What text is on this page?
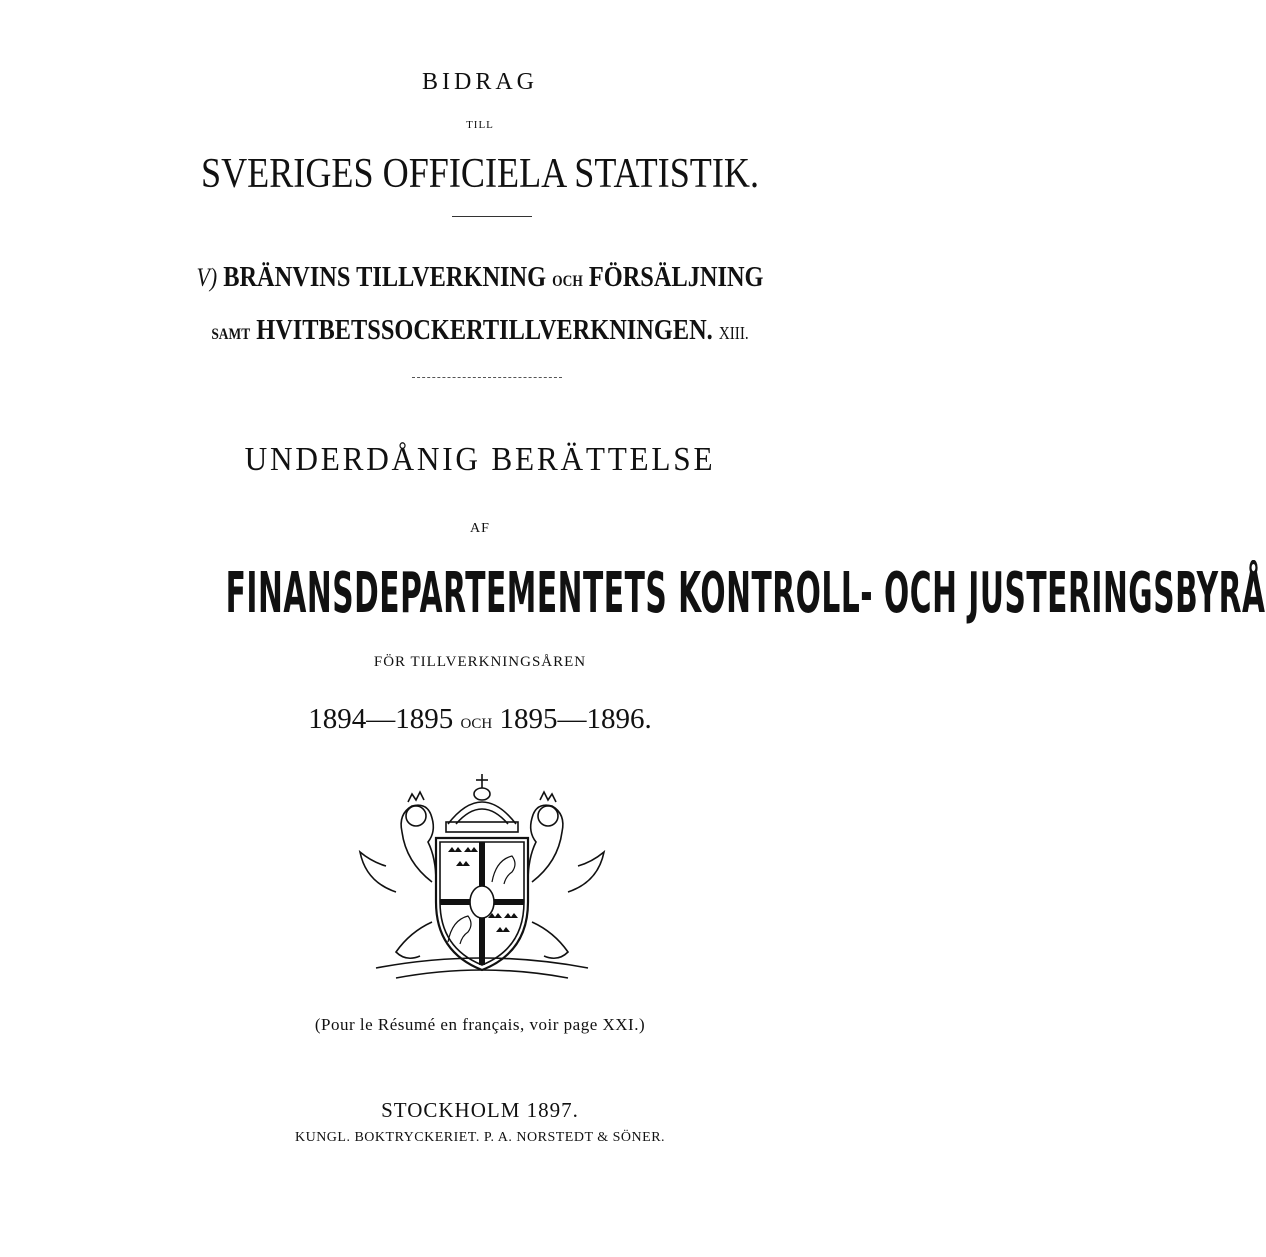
BIDRAG
TILL
SVERIGES OFFICIELA STATISTIK.
V) BRÄNVINS TILLVERKNING OCH FÖRSÄLJNING
SAMT HVITBETSSOCKERTILLVERKNINGEN. XIII.
UNDERDÅNIG BERÄTTELSE
AF
FINANSDEPARTEMENTETS KONTROLL- OCH JUSTERINGSBYRÅ
FÖR TILLVERKNINGSÅREN
1894—1895 OCH 1895—1896.
(Pour le Résumé en français, voir page XXI.)
STOCKHOLM 1897.
KUNGL. BOKTRYCKERIET. P. A. NORSTEDT & SÖNER.
